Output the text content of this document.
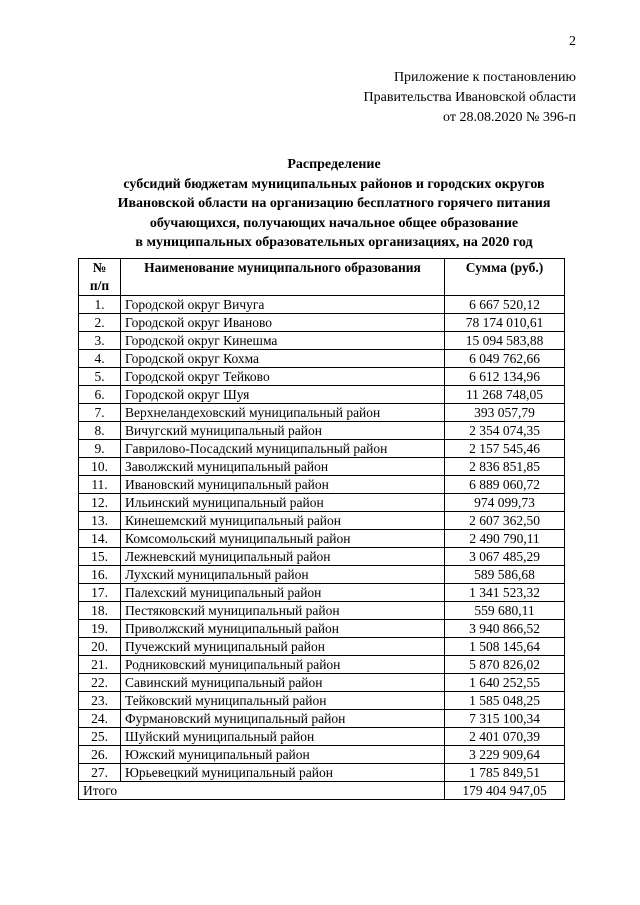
2
Приложение к постановлению
Правительства Ивановской области
от 28.08.2020 № 396-п
Распределение
субсидий бюджетам муниципальных районов и городских округов
Ивановской области на организацию бесплатного горячего питания
обучающихся, получающих начальное общее образование
в муниципальных образовательных организациях, на 2020 год
№
п/п	Наименование муниципального образования	Сумма (руб.)
1.	Городской округ Вичуга	6 667 520,12
2.	Городской округ Иваново	78 174 010,61
3.	Городской округ Кинешма	15 094 583,88
4.	Городской округ Кохма	6 049 762,66
5.	Городской округ Тейково	6 612 134,96
6.	Городской округ Шуя	11 268 748,05
7.	Верхнеландеховский муниципальный район	393 057,79
8.	Вичугский муниципальный район	2 354 074,35
9.	Гаврилово-Посадский муниципальный район	2 157 545,46
10.	Заволжский муниципальный район	2 836 851,85
11.	Ивановский муниципальный район	6 889 060,72
12.	Ильинский муниципальный район	974 099,73
13.	Кинешемский муниципальный район	2 607 362,50
14.	Комсомольский муниципальный район	2 490 790,11
15.	Лежневский муниципальный район	3 067 485,29
16.	Лухский муниципальный район	589 586,68
17.	Палехский муниципальный район	1 341 523,32
18.	Пестяковский муниципальный район	559 680,11
19.	Приволжский муниципальный район	3 940 866,52
20.	Пучежский муниципальный район	1 508 145,64
21.	Родниковский муниципальный район	5 870 826,02
22.	Савинский муниципальный район	1 640 252,55
23.	Тейковский муниципальный район	1 585 048,25
24.	Фурмановский муниципальный район	7 315 100,34
25.	Шуйский муниципальный район	2 401 070,39
26.	Южский муниципальный район	3 229 909,64
27.	Юрьевецкий муниципальный район	1 785 849,51
Итого		179 404 947,05
